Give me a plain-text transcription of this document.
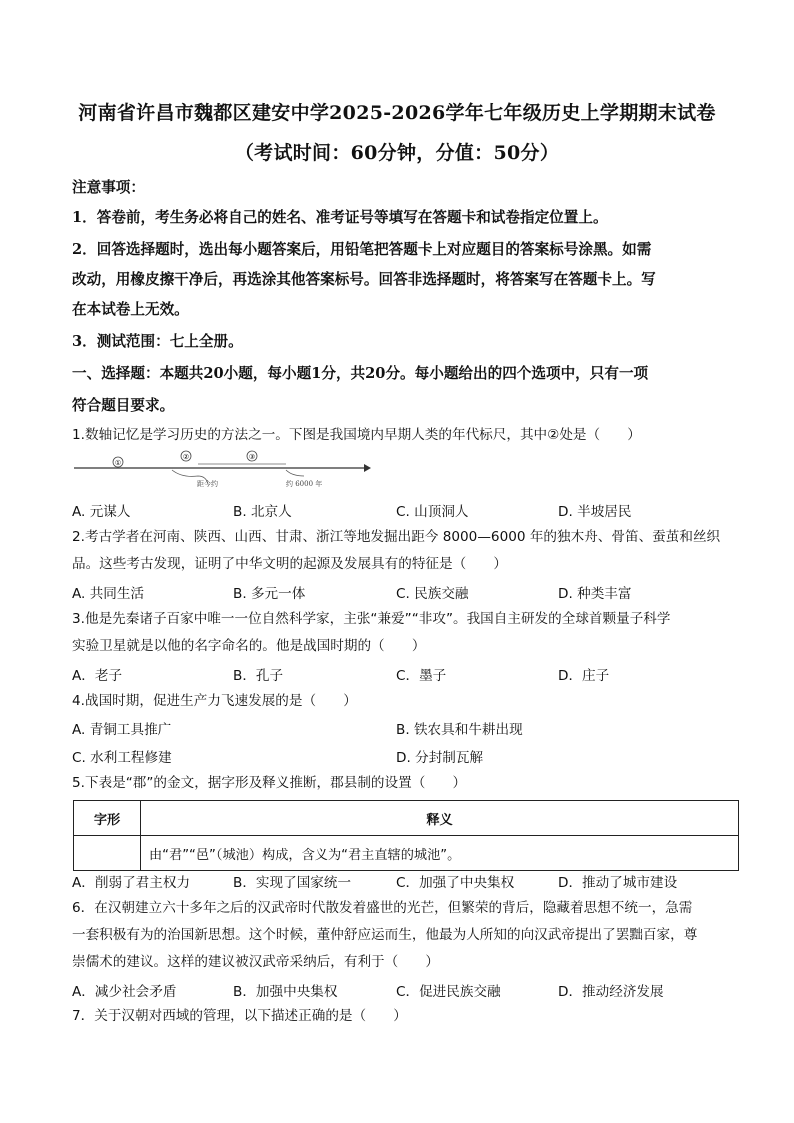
河南省许昌市魏都区建安中学2025-2026学年七年级历史上学期期末试卷
（考试时间：60分钟，分值：50分）
注意事项：
1．答卷前，考生务必将自己的姓名、准考证号等填写在答题卡和试卷指定位置上。
2．回答选择题时，选出每小题答案后，用铅笔把答题卡上对应题目的答案标号涂黑。如需
改动，用橡皮擦干净后，再选涂其他答案标号。回答非选择题时，将答案写在答题卡上。写
在本试卷上无效。
3．测试范围：七上全册。
一、选择题：本题共20小题，每小题1分，共20分。每小题给出的四个选项中，只有一项
符合题目要求。
1.数轴记忆是学习历史的方法之一。下图是我国境内早期人类的年代标尺，其中②处是（　　）
①
②	③
距今约	约 6000 年
A. 元谋人	B. 北京人	C. 山顶洞人	D. 半坡居民
2.考古学者在河南、陕西、山西、甘肃、浙江等地发掘出距今 8000—6000 年的独木舟、骨笛、蚕茧和丝织
品。这些考古发现，证明了中华文明的起源及发展具有的特征是（　　）
A. 共同生活	B. 多元一体	C. 民族交融	D. 种类丰富
3.他是先秦诸子百家中唯一一位自然科学家，主张“兼爱”“非攻”。我国自主研发的全球首颗量子科学
实验卫星就是以他的名字命名的。他是战国时期的（　　）
A．老子	B．孔子	C．墨子	D．庄子
4.战国时期，促进生产力飞速发展的是（　　）
A. 青铜工具推广	B. 铁农具和牛耕出现
C. 水利工程修建	D. 分封制瓦解
5.下表是“郡”的金文，据字形及释义推断，郡县制的设置（　　）
字形	释义
	由“君”“邑”（城池）构成，含义为“君主直辖的城池”。
A．削弱了君主权力	B．实现了国家统一	C．加强了中央集权	D．推动了城市建设
6．在汉朝建立六十多年之后的汉武帝时代散发着盛世的光芒，但繁荣的背后，隐藏着思想不统一，急需
一套积极有为的治国新思想。这个时候，董仲舒应运而生，他最为人所知的向汉武帝提出了罢黜百家，尊
崇儒术的建议。这样的建议被汉武帝采纳后，有利于（　　）
A．减少社会矛盾	B．加强中央集权	C．促进民族交融	D．推动经济发展
7．关于汉朝对西域的管理，以下描述正确的是（　　）
